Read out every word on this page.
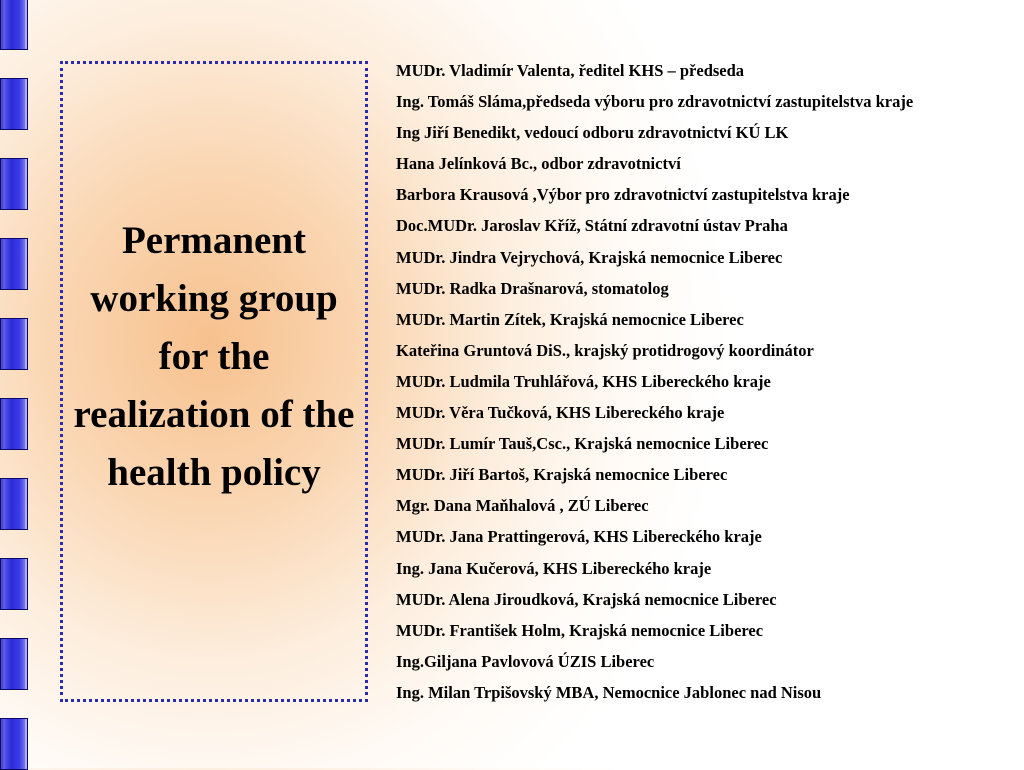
Permanent working group for the realization of the health policy
MUDr. Vladimír Valenta, ředitel KHS – předseda
Ing. Tomáš Sláma,předseda výboru pro zdravotnictví zastupitelstva kraje
Ing Jiří Benedikt, vedoucí odboru zdravotnictví KÚ LK
Hana Jelínková Bc., odbor zdravotnictví
Barbora Krausová ,Výbor pro zdravotnictví zastupitelstva kraje
Doc.MUDr. Jaroslav Kříž, Státní zdravotní ústav Praha
MUDr. Jindra Vejrychová, Krajská nemocnice Liberec
MUDr. Radka Drašnarová, stomatolog
MUDr. Martin Zítek, Krajská nemocnice Liberec
Kateřina Gruntová DiS., krajský protidrogový koordinátor
MUDr. Ludmila Truhlářová, KHS Libereckého kraje
MUDr. Věra Tučková, KHS Libereckého kraje
MUDr. Lumír Tauš,Csc., Krajská nemocnice Liberec
MUDr. Jiří Bartoš, Krajská nemocnice Liberec
Mgr. Dana Maňhalová , ZÚ Liberec
MUDr. Jana Prattingerová, KHS Libereckého kraje
Ing. Jana Kučerová, KHS Libereckého kraje
MUDr. Alena Jiroudková, Krajská nemocnice Liberec
MUDr. František Holm, Krajská nemocnice Liberec
Ing.Giljana Pavlovová ÚZIS Liberec
Ing. Milan Trpišovský MBA, Nemocnice Jablonec nad Nisou
